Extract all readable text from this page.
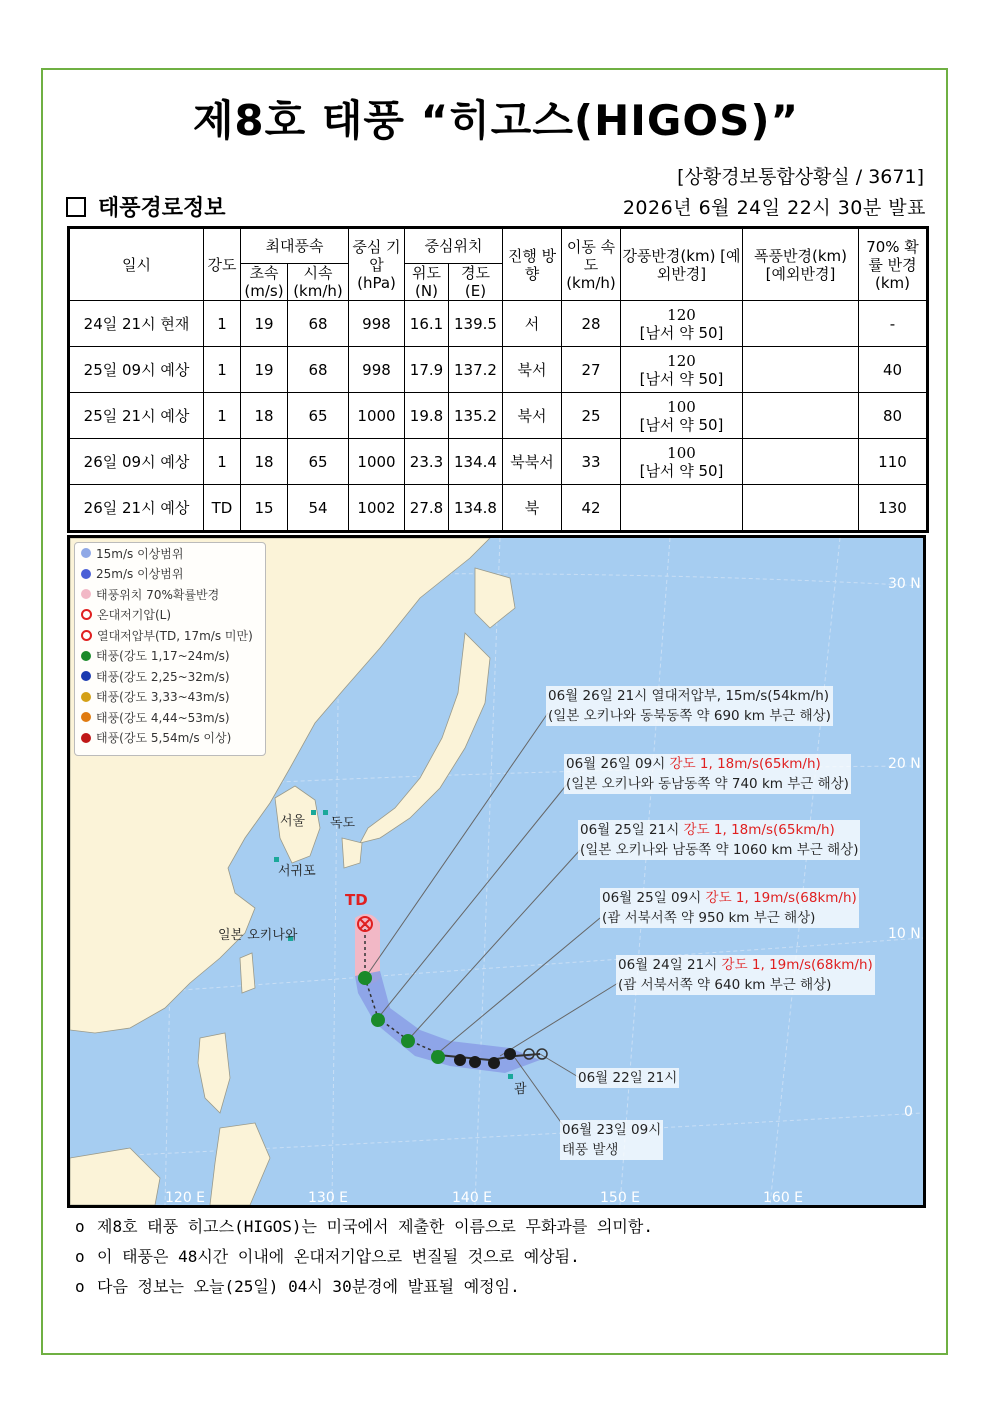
제8호 태풍 “히고스(HIGOS)”
[상황경보통합상황실 / 3671]
태풍경로정보	2026년 6월 24일 22시 30분 발표
일시	강도	최대풍속		중심 기압 (hPa)	중심위치		진행 방향	이동 속도 (km/h)	강풍반경(km) [예외반경]	폭풍반경(km) [예외반경]	70% 확률 반경 (km)
		초속 (m/s)	시속 (km/h)		위도 (N)	경도 (E)					
24일 21시 현재	1	19	68	998	16.1	139.5	서	28	120
[남서 약 50]		-
25일 09시 예상	1	19	68	998	17.9	137.2	북서	27	120
[남서 약 50]		40
25일 21시 예상	1	18	65	1000	19.8	135.2	북서	25	100
[남서 약 50]		80
26일 09시 예상	1	18	65	1000	23.3	134.4	북북서	33	100
[남서 약 50]		110
26일 21시 예상	TD	15	54	1002	27.8	134.8	북	42			130
15m/s 이상범위
25m/s 이상범위
태풍위치 70%확률반경
온대저기압(L)
열대저압부(TD, 17m/s 미만)
태풍(강도 1,17~24m/s)
태풍(강도 2,25~32m/s)
태풍(강도 3,33~43m/s)
태풍(강도 4,44~53m/s)
태풍(강도 5,54m/s 이상)
06월 26일 21시 열대저압부, 15m/s(54km/h)
(일본 오키나와 동북동쪽 약 690 km 부근 해상)
06월 26일 09시 강도 1, 18m/s(65km/h)
(일본 오키나와 동남동쪽 약 740 km 부근 해상)
06월 25일 21시 강도 1, 18m/s(65km/h)
(일본 오키나와 남동쪽 약 1060 km 부근 해상)
06월 25일 09시 강도 1, 19m/s(68km/h)
(괌 서북서쪽 약 950 km 부근 해상)
06월 24일 21시 강도 1, 19m/s(68km/h)
(괌 서북서쪽 약 640 km 부근 해상)
06월 22일 21시
06월 23일 09시
태풍 발생
TD
서울 독도
서귀포
일본 오키나와
괌
30 N
20 N
10 N
0
120 E	130 E	140 E	150 E	160 E
o 제8호 태풍 히고스(HIGOS)는 미국에서 제출한 이름으로 무화과를 의미함.
o 이 태풍은 48시간 이내에 온대저기압으로 변질될 것으로 예상됨.
o 다음 정보는 오늘(25일) 04시 30분경에 발표될 예정임.
